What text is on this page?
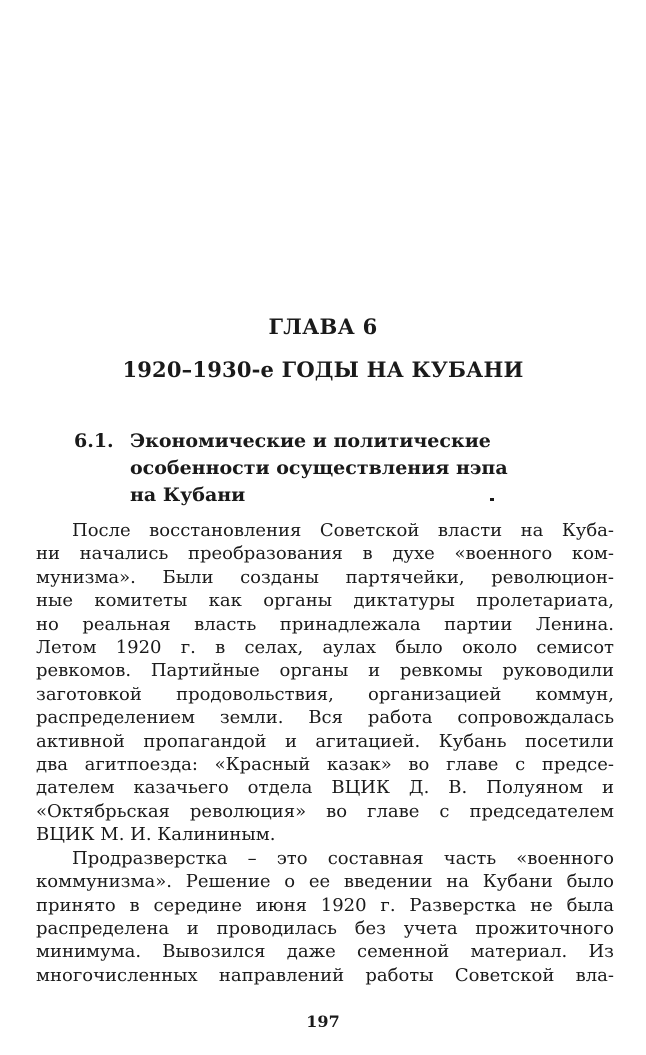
ГЛАВА 6
1920–1930-е ГОДЫ НА КУБАНИ
6.1. Экономические и политические
особенности осуществления нэпа
на Кубани
После восстановления Советской власти на Куба-
ни начались преобразования в духе «военного ком-
мунизма». Были созданы партячейки, революцион-
ные комитеты как органы диктатуры пролетариата,
но реальная власть принадлежала партии Ленина.
Летом 1920 г. в селах, аулах было около семисот
ревкомов. Партийные органы и ревкомы руководили
заготовкой продовольствия, организацией коммун,
распределением земли. Вся работа сопровождалась
активной пропагандой и агитацией. Кубань посетили
два агитпоезда: «Красный казак» во главе с предсе-
дателем казачьего отдела ВЦИК Д. В. Полуяном и
«Октябрьская революция» во главе с председателем
ВЦИК М. И. Калининым.
Продразверстка – это составная часть «военного
коммунизма». Решение о ее введении на Кубани было
принято в середине июня 1920 г. Разверстка не была
распределена и проводилась без учета прожиточного
минимума. Вывозился даже семенной материал. Из
многочисленных направлений работы Советской вла-
197
